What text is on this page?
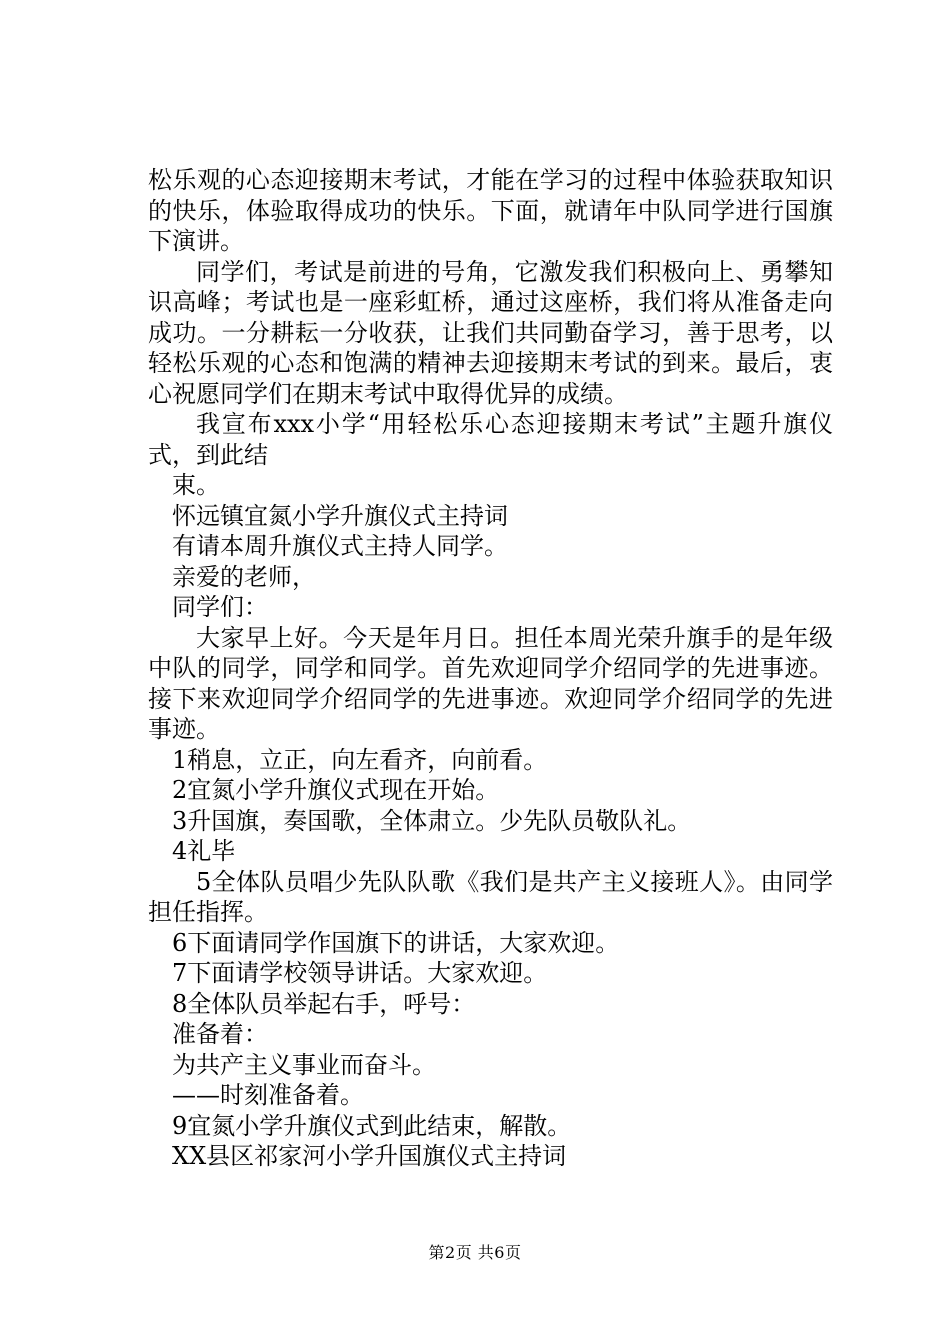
松乐观的心态迎接期末考试，才能在学习的过程中体验获取知识的快乐，体验取得成功的快乐。下面，就请年中队同学进行国旗下演讲。

同学们，考试是前进的号角，它激发我们积极向上、勇攀知识高峰；考试也是一座彩虹桥，通过这座桥，我们将从准备走向成功。一分耕耘一分收获，让我们共同勤奋学习，善于思考，以轻松乐观的心态和饱满的精神去迎接期末考试的到来。最后，衷心祝愿同学们在期末考试中取得优异的成绩。

我宣布xxx小学“用轻松乐心态迎接期末考试”主题升旗仪式，到此结

束。

怀远镇宜氮小学升旗仪式主持词

有请本周升旗仪式主持人同学。

亲爱的老师，

同学们：

大家早上好。今天是年月日。担任本周光荣升旗手的是年级中队的同学，同学和同学。首先欢迎同学介绍同学的先进事迹。接下来欢迎同学介绍同学的先进事迹。欢迎同学介绍同学的先进事迹。

1稍息，立正，向左看齐，向前看。

2宜氮小学升旗仪式现在开始。

3升国旗，奏国歌，全体肃立。少先队员敬队礼。

4礼毕

5全体队员唱少先队队歌《我们是共产主义接班人》。由同学担任指挥。

6下面请同学作国旗下的讲话，大家欢迎。

7下面请学校领导讲话。大家欢迎。

8全体队员举起右手，呼号：

准备着：

为共产主义事业而奋斗。

——时刻准备着。

9宜氮小学升旗仪式到此结束，解散。

XX县区祁家河小学升国旗仪式主持词

第2页 共6页
